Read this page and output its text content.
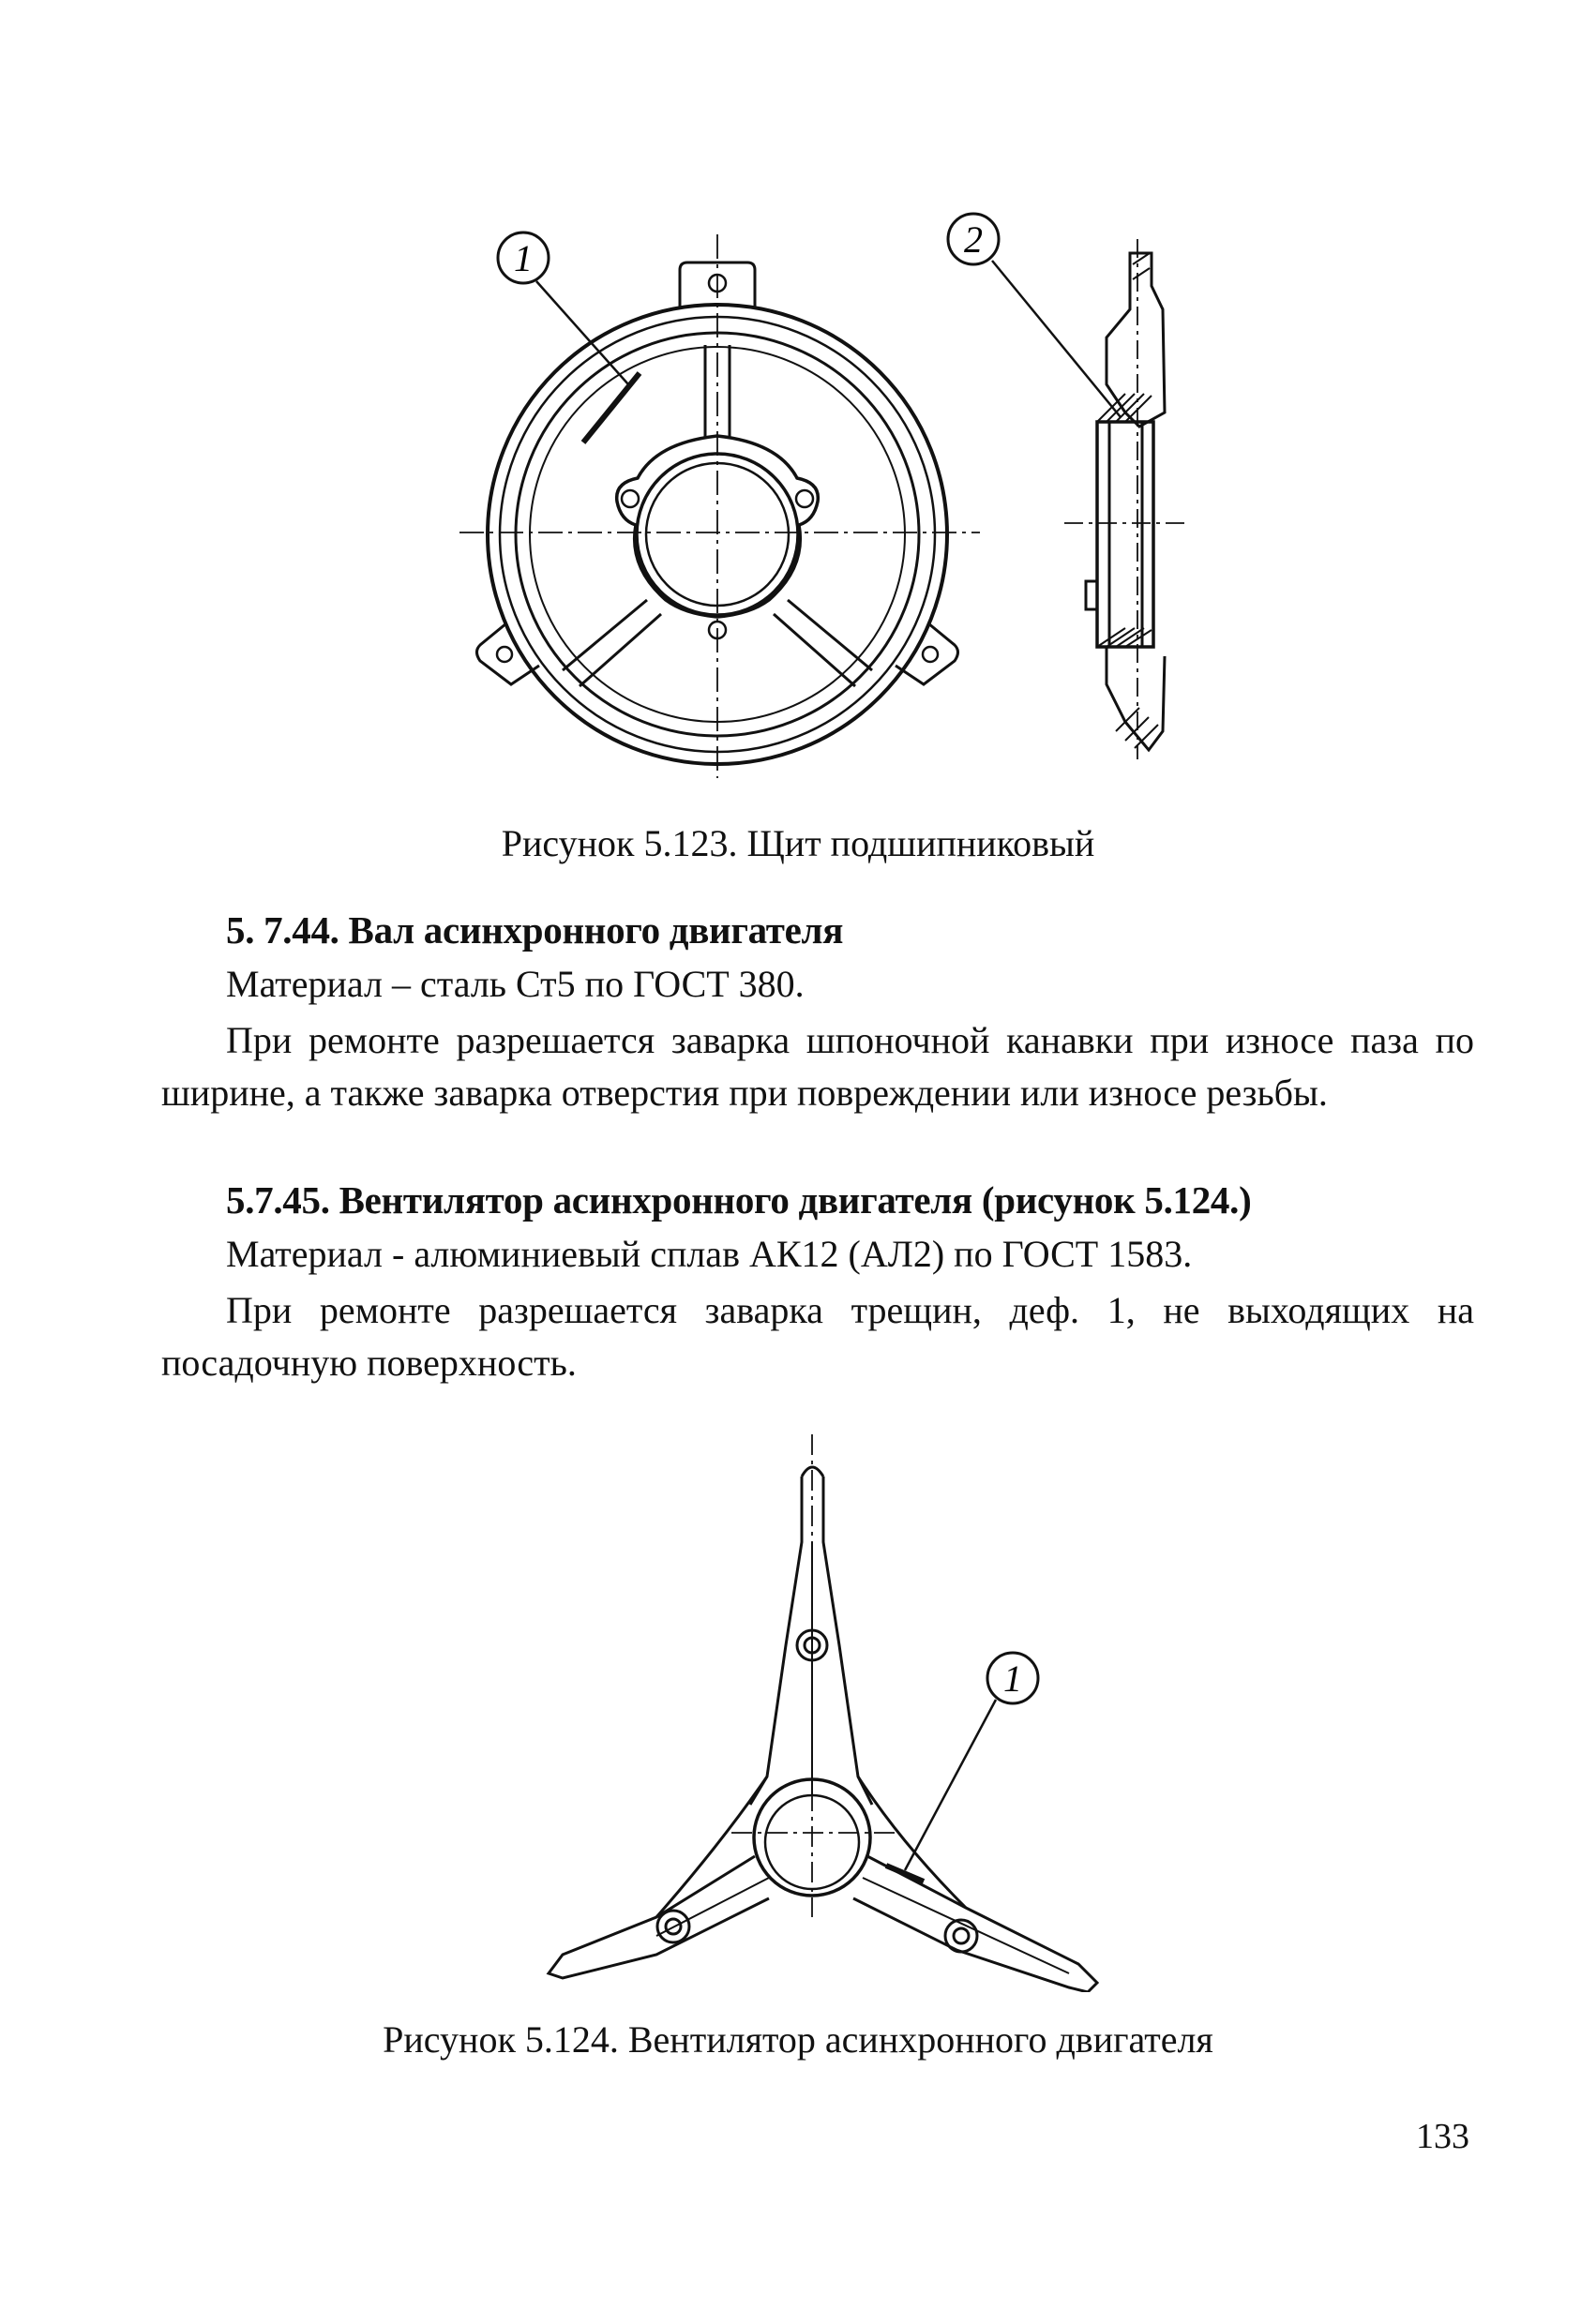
1	2
Рисунок 5.123. Щит подшипниковый
5. 7.44. Вал асинхронного двигателя
Материал – сталь Ст5 по ГОСТ 380.
При ремонте разрешается заварка шпоночной канавки при износе паза по ширине, а также заварка отверстия при повреждении или износе резьбы.
5.7.45. Вентилятор асинхронного двигателя (рисунок 5.124.)
Материал - алюминиевый сплав АК12 (АЛ2) по ГОСТ 1583.
При ремонте разрешается заварка трещин, деф. 1, не выходящих на посадочную поверхность.
1
Рисунок 5.124. Вентилятор асинхронного двигателя
133
